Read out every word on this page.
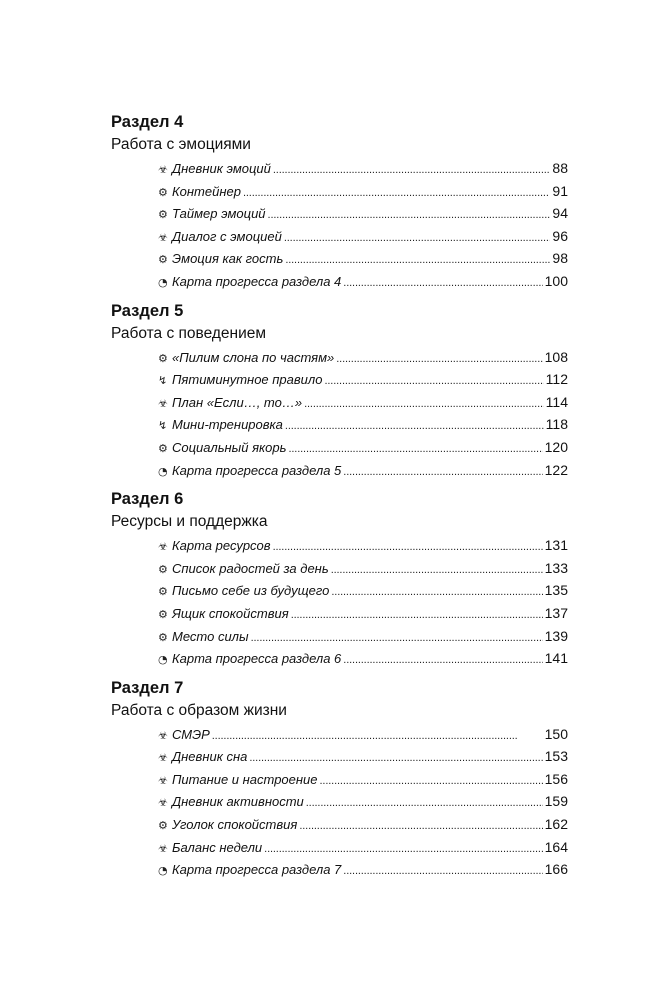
Раздел 4
Работа с эмоциями
☣ Дневник эмоций . . .	88
⚙ Контейнер . . .	91
⚙ Таймер эмоций . . .	94
☣ Диалог с эмоцией . . .	96
⚙ Эмоция как гость . . .	98
◔ Карта прогресса раздела 4 . . .	100
Раздел 5
Работа с поведением
⚙ «Пилим слона по частям» . . .	108
↯ Пятиминутное правило . . .	112
☣ План «Если…, то…» . . .	114
↯ Мини-тренировка . . .	118
⚙ Социальный якорь . . .	120
◔ Карта прогресса раздела 5 . . .	122
Раздел 6
Ресурсы и поддержка
☣ Карта ресурсов . . .	131
⚙ Список радостей за день . . .	133
⚙ Письмо себе из будущего . . .	135
⚙ Ящик спокойствия . . .	137
⚙ Место силы . . .	139
◔ Карта прогресса раздела 6 . . .	141
Раздел 7
Работа с образом жизни
☣ СМЭР . . .	150
☣ Дневник сна . . .	153
☣ Питание и настроение . . .	156
☣ Дневник активности . . .	159
⚙ Уголок спокойствия . . .	162
☣ Баланс недели . . .	164
◔ Карта прогресса раздела 7 . . .	166
